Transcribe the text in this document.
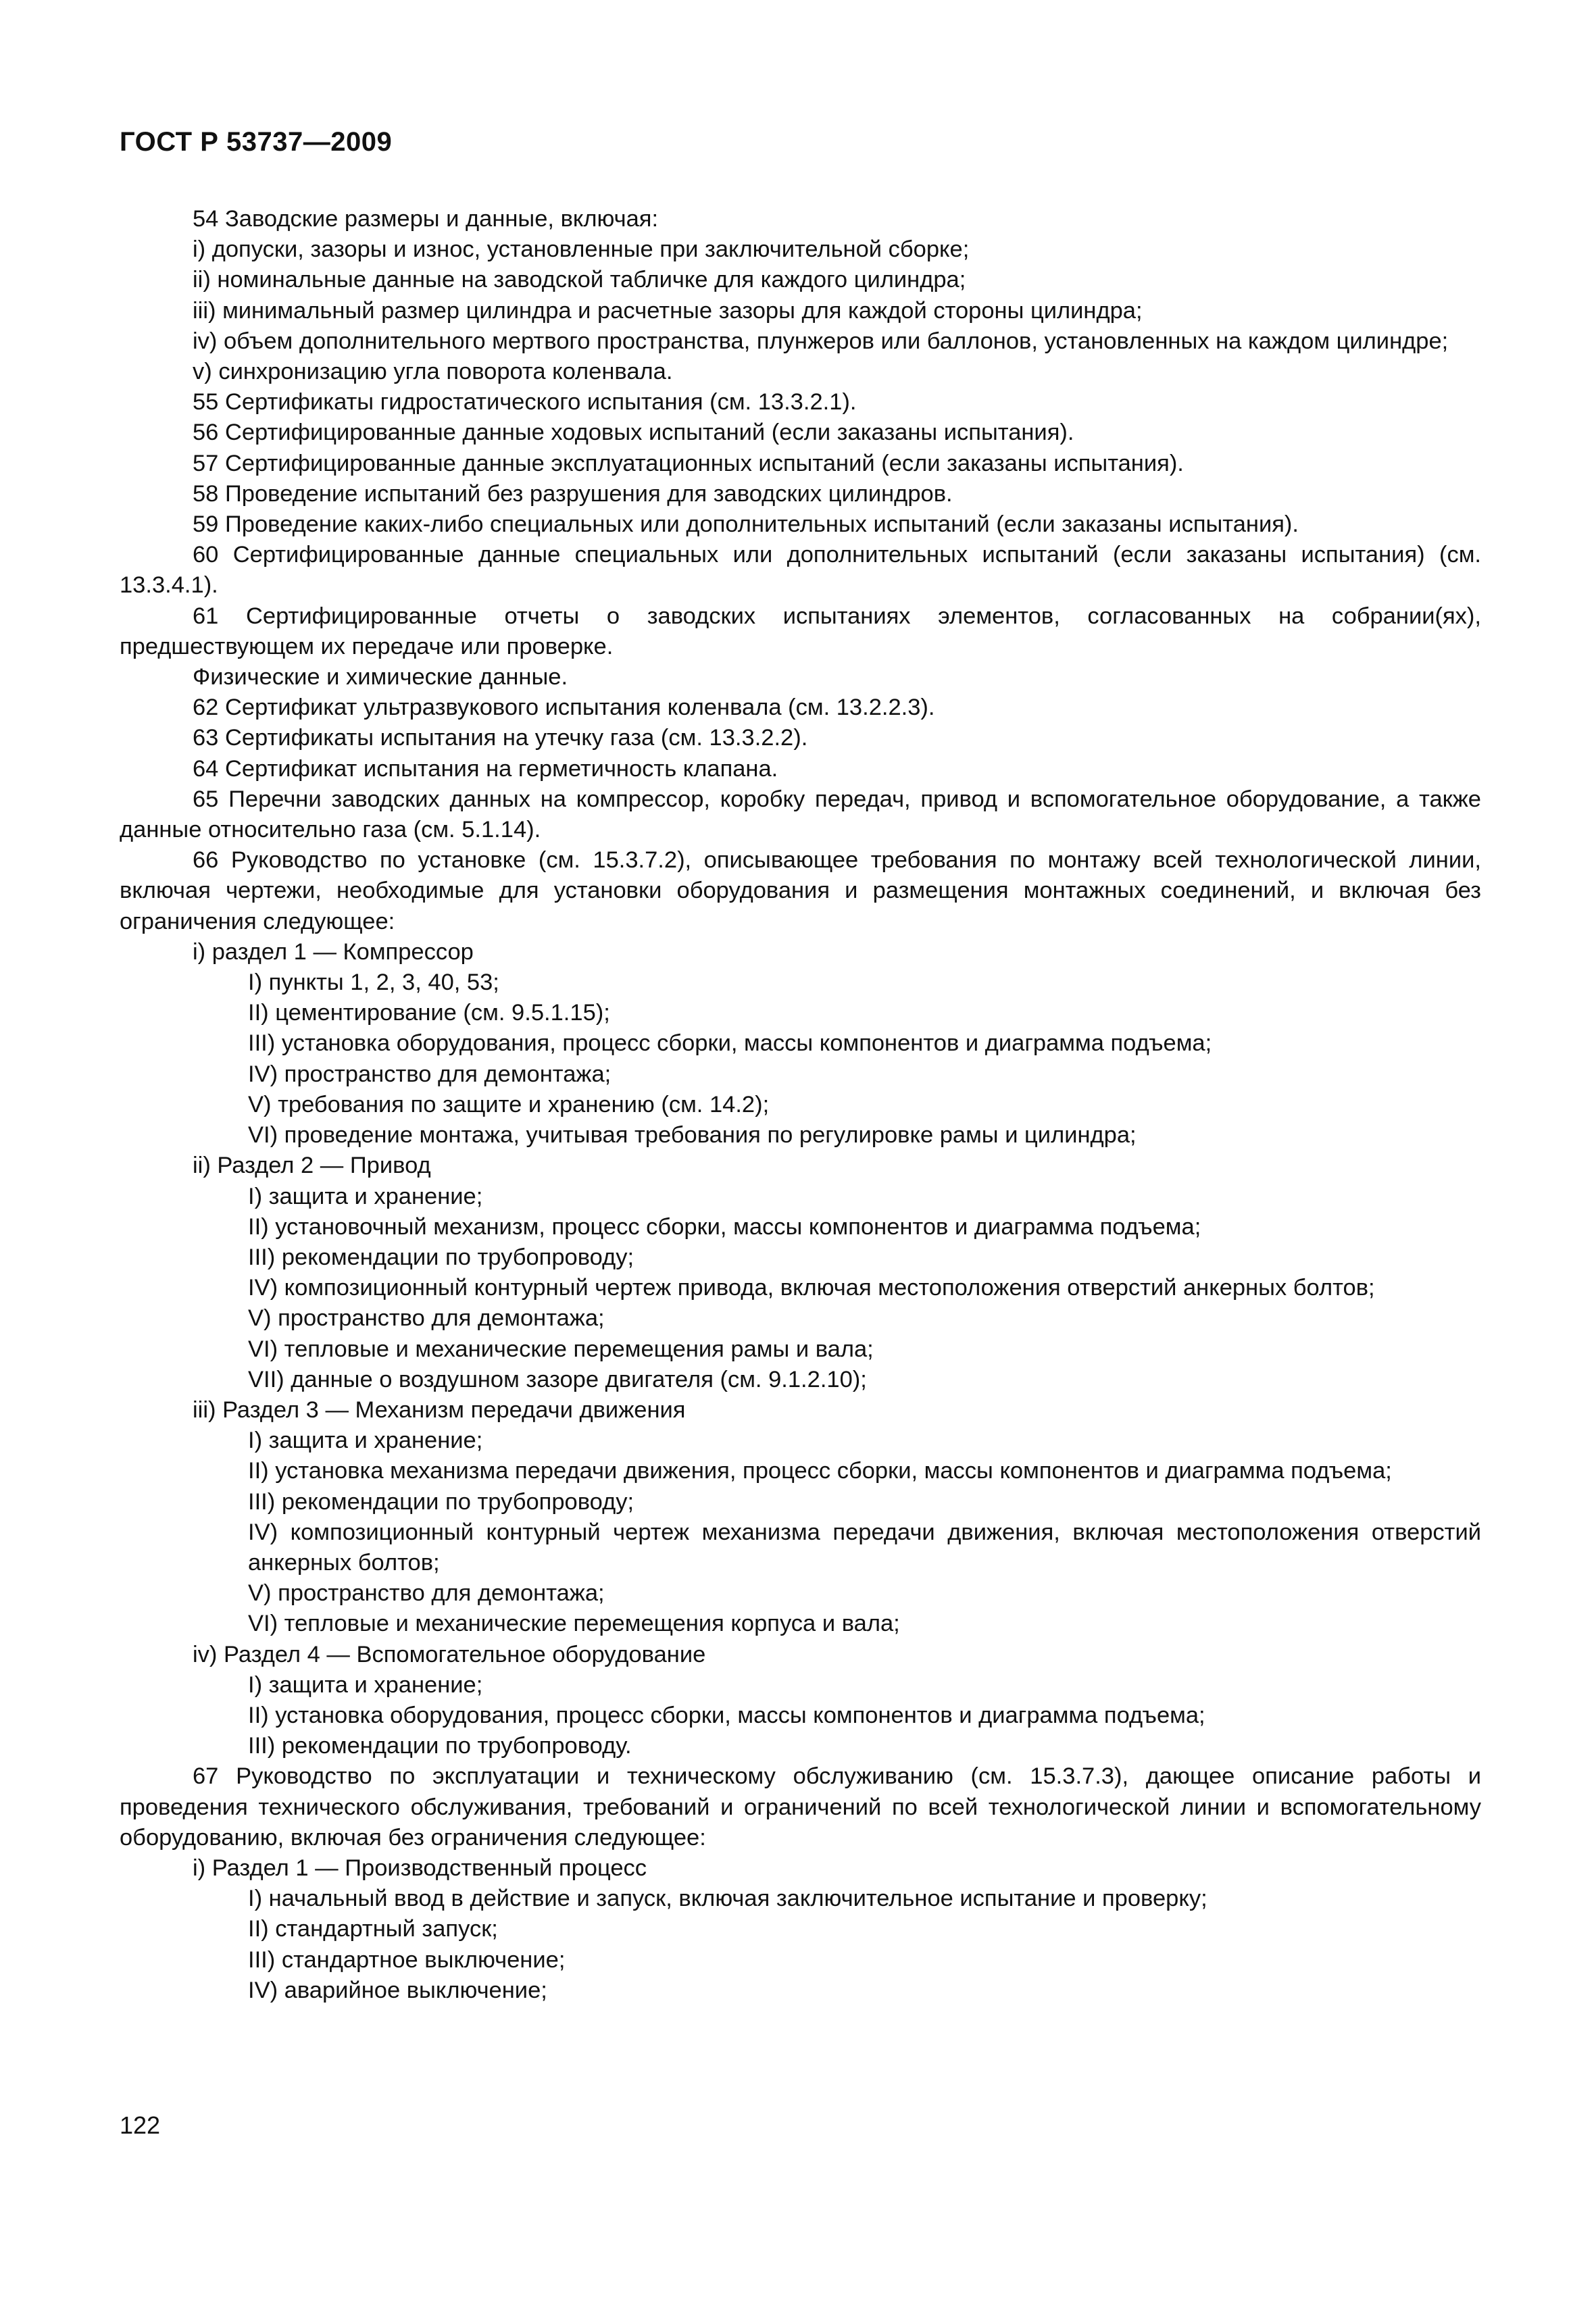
ГОСТ Р 53737—2009

54 Заводские размеры и данные, включая:

i) допуски, зазоры и износ, установленные при заключительной сборке;

ii) номинальные данные на заводской табличке для каждого цилиндра;

iii) минимальный размер цилиндра и расчетные зазоры для каждой стороны цилиндра;

iv) объем дополнительного мертвого пространства, плунжеров или баллонов, установленных на каждом цилиндре;

v) синхронизацию угла поворота коленвала.

55 Сертификаты гидростатического испытания (см. 13.3.2.1).

56 Сертифицированные данные ходовых испытаний (если заказаны испытания).

57 Сертифицированные данные эксплуатационных испытаний (если заказаны испытания).

58 Проведение испытаний без разрушения для заводских цилиндров.

59 Проведение каких-либо специальных или дополнительных испытаний (если заказаны испытания).

60 Сертифицированные данные специальных или дополнительных испытаний (если заказаны испытания) (см. 13.3.4.1).

61 Сертифицированные отчеты о заводских испытаниях элементов, согласованных на собрании(ях), предшествующем их передаче или проверке.

Физические и химические данные.

62 Сертификат ультразвукового испытания коленвала (см. 13.2.2.3).

63 Сертификаты испытания на утечку газа (см. 13.3.2.2).

64 Сертификат испытания на герметичность клапана.

65 Перечни заводских данных на компрессор, коробку передач, привод и вспомогательное оборудование, а также данные относительно газа (см. 5.1.14).

66 Руководство по установке (см. 15.3.7.2), описывающее требования по монтажу всей технологической линии, включая чертежи, необходимые для установки оборудования и размещения монтажных соединений, и включая без ограничения следующее:

i) раздел 1 — Компрессор

I) пункты 1, 2, 3, 40, 53;

II) цементирование (см. 9.5.1.15);

III) установка оборудования, процесс сборки, массы компонентов и диаграмма подъема;

IV) пространство для демонтажа;

V) требования по защите и хранению (см. 14.2);

VI) проведение монтажа, учитывая требования по регулировке рамы и цилиндра;

ii) Раздел 2 — Привод

I) защита и хранение;

II) установочный механизм, процесс сборки, массы компонентов и диаграмма подъема;

III) рекомендации по трубопроводу;

IV) композиционный контурный чертеж привода, включая местоположения отверстий анкерных болтов;

V) пространство для демонтажа;

VI) тепловые и механические перемещения рамы и вала;

VII) данные о воздушном зазоре двигателя (см. 9.1.2.10);

iii) Раздел 3 — Механизм передачи движения

I) защита и хранение;

II) установка механизма передачи движения, процесс сборки, массы компонентов и диаграмма подъема;

III) рекомендации по трубопроводу;

IV) композиционный контурный чертеж механизма передачи движения, включая местоположения отверстий анкерных болтов;

V) пространство для демонтажа;

VI) тепловые и механические перемещения корпуса и вала;

iv) Раздел 4 — Вспомогательное оборудование

I) защита и хранение;

II) установка оборудования, процесс сборки, массы компонентов и диаграмма подъема;

III) рекомендации по трубопроводу.

67 Руководство по эксплуатации и техническому обслуживанию (см. 15.3.7.3), дающее описание работы и проведения технического обслуживания, требований и ограничений по всей технологической линии и вспомогательному оборудованию, включая без ограничения следующее:

i) Раздел 1 — Производственный процесс

I) начальный ввод в действие и запуск, включая заключительное испытание и проверку;

II) стандартный запуск;

III) стандартное выключение;

IV) аварийное выключение;

122
